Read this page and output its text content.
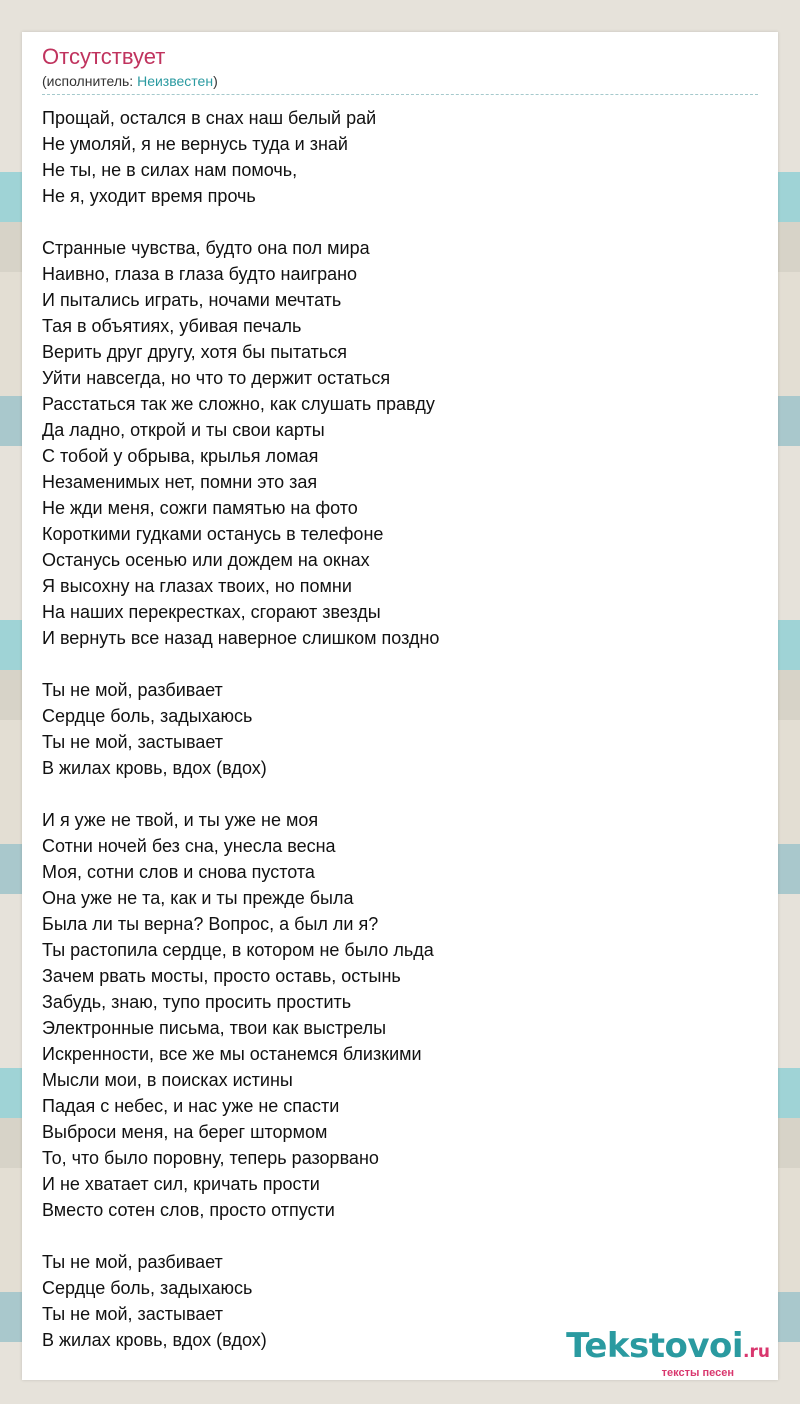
Отсутствует
(исполнитель: Неизвестен)
Прощай, остался в снах наш белый рай
Не умоляй, я не вернусь туда и знай
Не ты, не в силах нам помочь,
Не я, уходит время прочь
Странные чувства, будто она пол мира
Наивно, глаза в глаза будто наиграно
И пытались играть, ночами мечтать
Тая в объятиях, убивая печаль
Верить друг другу, хотя бы пытаться
Уйти навсегда, но что то держит остаться
Расстаться так же сложно, как слушать правду
Да ладно, открой и ты свои карты
С тобой у обрыва, крылья ломая
Незаменимых нет, помни это зая
Не жди меня, сожги памятью на фото
Короткими гудками останусь в телефоне
Останусь осенью или дождем на окнах
Я высохну на глазах твоих, но помни
На наших перекрестках, сгорают звезды
И вернуть все назад наверное слишком поздно
Ты не мой, разбивает
Сердце боль, задыхаюсь
Ты не мой, застывает
В жилах кровь, вдох (вдох)
И я уже не твой, и ты уже не моя
Сотни ночей без сна, унесла весна
Моя, сотни слов и снова пустота
Она уже не та, как и ты прежде была
Была ли ты верна? Вопрос, а был ли я?
Ты растопила сердце, в котором не было льда
Зачем рвать мосты, просто оставь, остынь
Забудь, знаю, тупо просить простить
Электронные письма, твои как выстрелы
Искренности, все же мы останемся близкими
Мысли мои, в поисках истины
Падая с небес, и нас уже не спасти
Выброси меня, на берег штормом
То, что было поровну, теперь разорвано
И не хватает сил, кричать прости
Вместо сотен слов, просто отпусти
Ты не мой, разбивает
Сердце боль, задыхаюсь
Ты не мой, застывает
В жилах кровь, вдох (вдох)	Tekstovoi.ru
тексты песен
